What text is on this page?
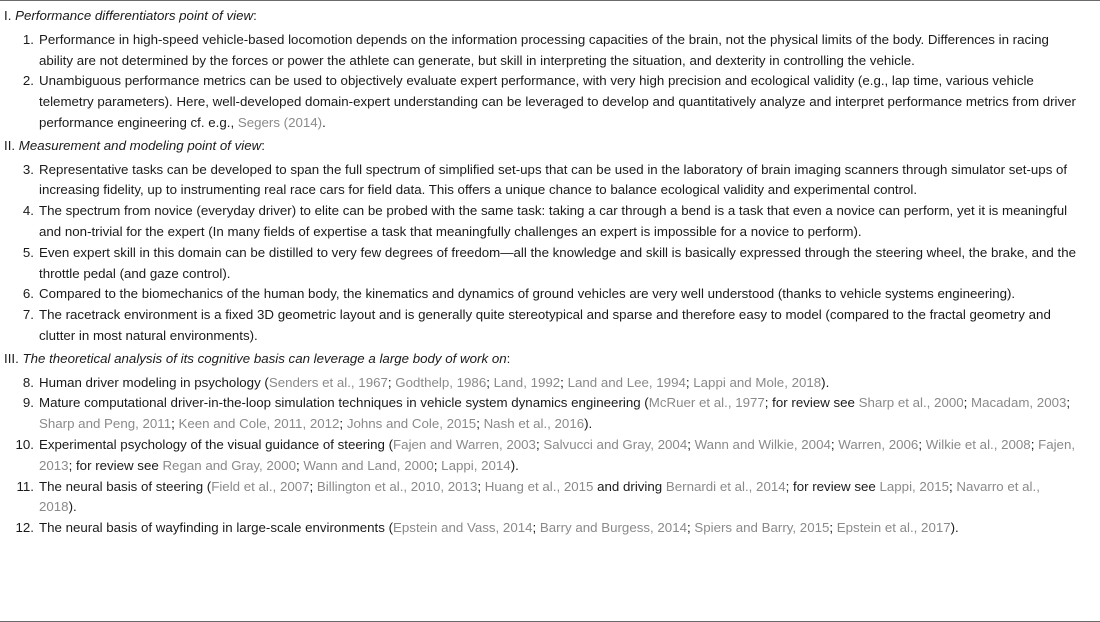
I. Performance differentiators point of view:

1. Performance in high-speed vehicle-based locomotion depends on the information processing capacities of the brain, not the physical limits of the body. Differences in racing ability are not determined by the forces or power the athlete can generate, but skill in interpreting the situation, and dexterity in controlling the vehicle.
2. Unambiguous performance metrics can be used to objectively evaluate expert performance, with very high precision and ecological validity (e.g., lap time, various vehicle telemetry parameters). Here, well-developed domain-expert understanding can be leveraged to develop and quantitatively analyze and interpret performance metrics from driver performance engineering cf. e.g., Segers (2014).

II. Measurement and modeling point of view:

3. Representative tasks can be developed to span the full spectrum of simplified set-ups that can be used in the laboratory of brain imaging scanners through simulator set-ups of increasing fidelity, up to instrumenting real race cars for field data. This offers a unique chance to balance ecological validity and experimental control.
4. The spectrum from novice (everyday driver) to elite can be probed with the same task: taking a car through a bend is a task that even a novice can perform, yet it is meaningful and non-trivial for the expert (In many fields of expertise a task that meaningfully challenges an expert is impossible for a novice to perform).
5. Even expert skill in this domain can be distilled to very few degrees of freedom—all the knowledge and skill is basically expressed through the steering wheel, the brake, and the throttle pedal (and gaze control).
6. Compared to the biomechanics of the human body, the kinematics and dynamics of ground vehicles are very well understood (thanks to vehicle systems engineering).
7. The racetrack environment is a fixed 3D geometric layout and is generally quite stereotypical and sparse and therefore easy to model (compared to the fractal geometry and clutter in most natural environments).

III. The theoretical analysis of its cognitive basis can leverage a large body of work on:

8. Human driver modeling in psychology (Senders et al., 1967; Godthelp, 1986; Land, 1992; Land and Lee, 1994; Lappi and Mole, 2018).
9. Mature computational driver-in-the-loop simulation techniques in vehicle system dynamics engineering (McRuer et al., 1977; for review see Sharp et al., 2000; Macadam, 2003; Sharp and Peng, 2011; Keen and Cole, 2011, 2012; Johns and Cole, 2015; Nash et al., 2016).
10. Experimental psychology of the visual guidance of steering (Fajen and Warren, 2003; Salvucci and Gray, 2004; Wann and Wilkie, 2004; Warren, 2006; Wilkie et al., 2008; Fajen, 2013; for review see Regan and Gray, 2000; Wann and Land, 2000; Lappi, 2014).
11. The neural basis of steering (Field et al., 2007; Billington et al., 2010, 2013; Huang et al., 2015 and driving Bernardi et al., 2014; for review see Lappi, 2015; Navarro et al., 2018).
12. The neural basis of wayfinding in large-scale environments (Epstein and Vass, 2014; Barry and Burgess, 2014; Spiers and Barry, 2015; Epstein et al., 2017).
